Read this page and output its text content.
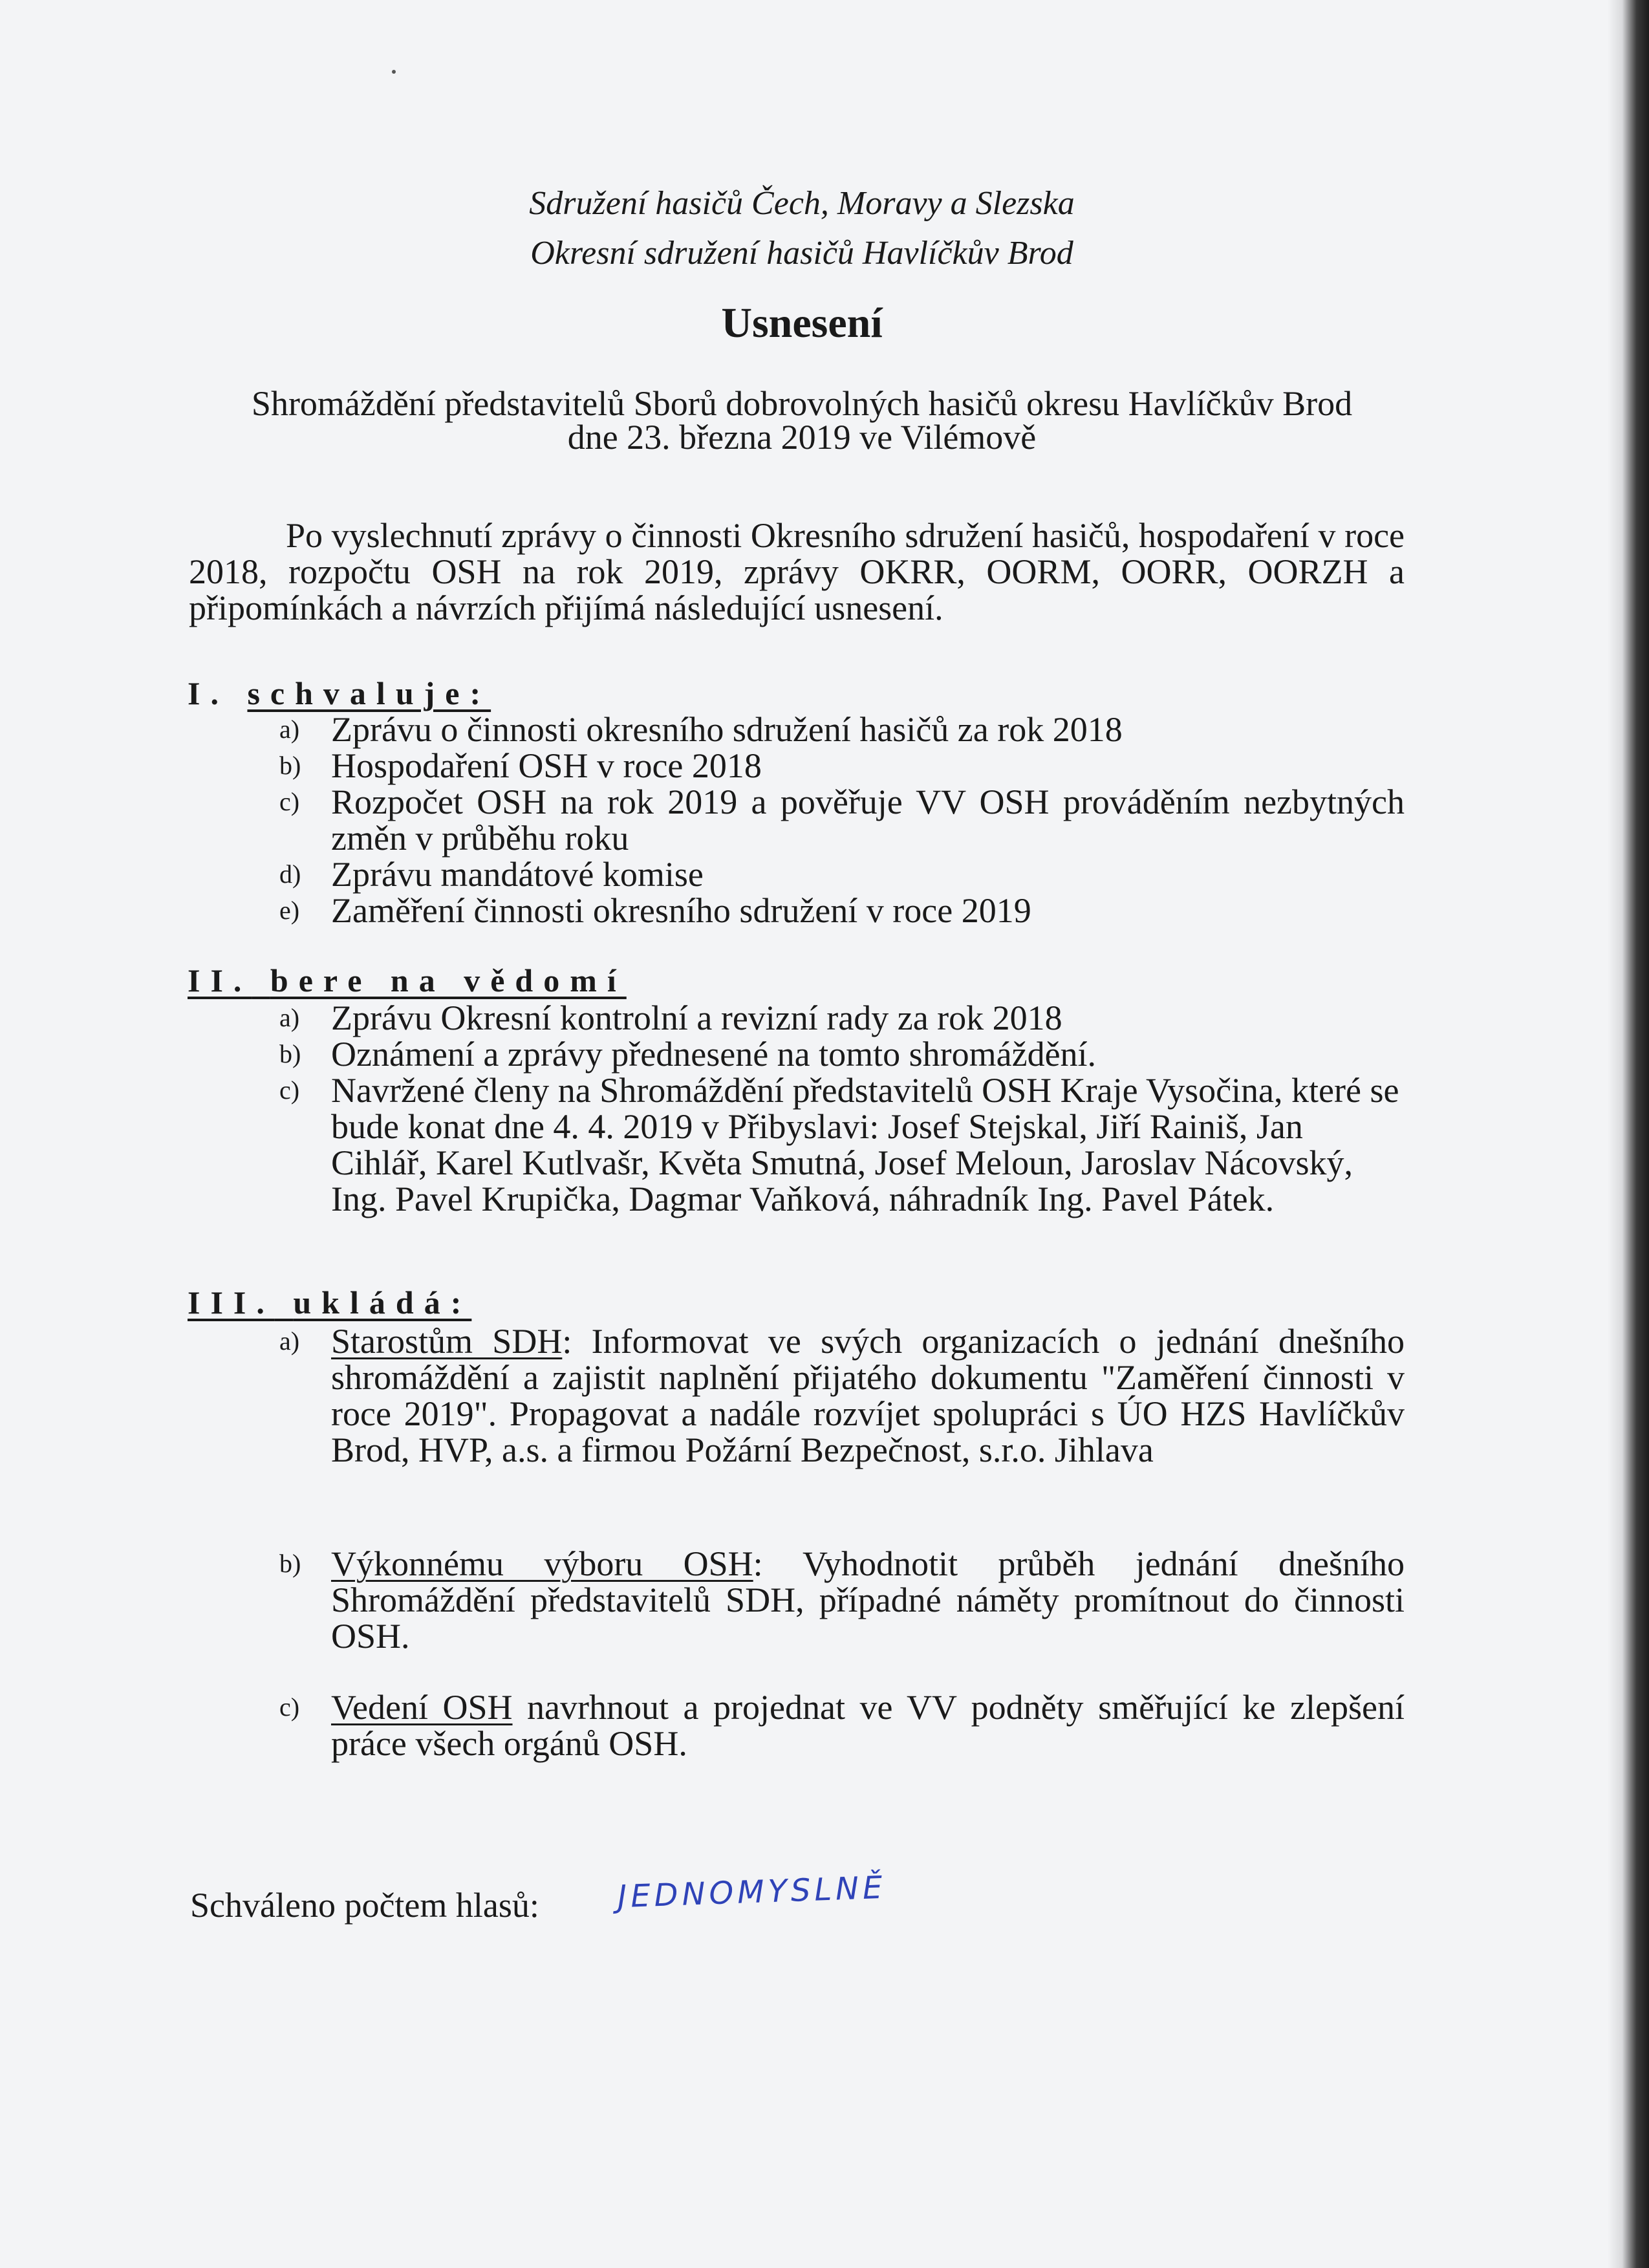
Sdružení hasičů Čech, Moravy a Slezska
Okresní sdružení hasičů Havlíčkův Brod
Usnesení
Shromáždění představitelů Sborů dobrovolných hasičů okresu Havlíčkův Brod
dne 23. března 2019 ve Vilémově
Po vyslechnutí zprávy o činnosti Okresního sdružení hasičů, hospodaření v roce 2018, rozpočtu OSH na rok 2019, zprávy OKRR, OORM, OORR, OORZH a připomínkách a návrzích přijímá následující usnesení.
I. schvaluje:
a) Zprávu o činnosti okresního sdružení hasičů za rok 2018
b) Hospodaření OSH v roce 2018
c) Rozpočet OSH na rok 2019 a pověřuje VV OSH prováděním nezbytných změn v průběhu roku
d) Zprávu mandátové komise
e) Zaměření činnosti okresního sdružení v roce 2019
II. bere na vědomí
a) Zprávu Okresní kontrolní a revizní rady za rok 2018
b) Oznámení a zprávy přednesené na tomto shromáždění.
c) Navržené členy na Shromáždění představitelů OSH Kraje Vysočina, které se bude konat dne 4. 4. 2019 v Přibyslavi: Josef Stejskal, Jiří Rainiš, Jan Cihlář, Karel Kutlvašr, Květa Smutná, Josef Meloun, Jaroslav Nácovský, Ing. Pavel Krupička, Dagmar Vaňková, náhradník Ing. Pavel Pátek.
III. ukládá:
a) Starostům SDH: Informovat ve svých organizacích o jednání dnešního shromáždění a zajistit naplnění přijatého dokumentu "Zaměření činnosti v roce 2019". Propagovat a nadále rozvíjet spolupráci s ÚO HZS Havlíčkův Brod, HVP, a.s. a firmou Požární Bezpečnost, s.r.o. Jihlava
b) Výkonnému výboru OSH: Vyhodnotit průběh jednání dnešního Shromáždění představitelů SDH, případné náměty promítnout do činnosti OSH.
c) Vedení OSH navrhnout a projednat ve VV podněty směřující ke zlepšení práce všech orgánů OSH.
Schváleno počtem hlasů:	JEDNOMYSLNĚ
